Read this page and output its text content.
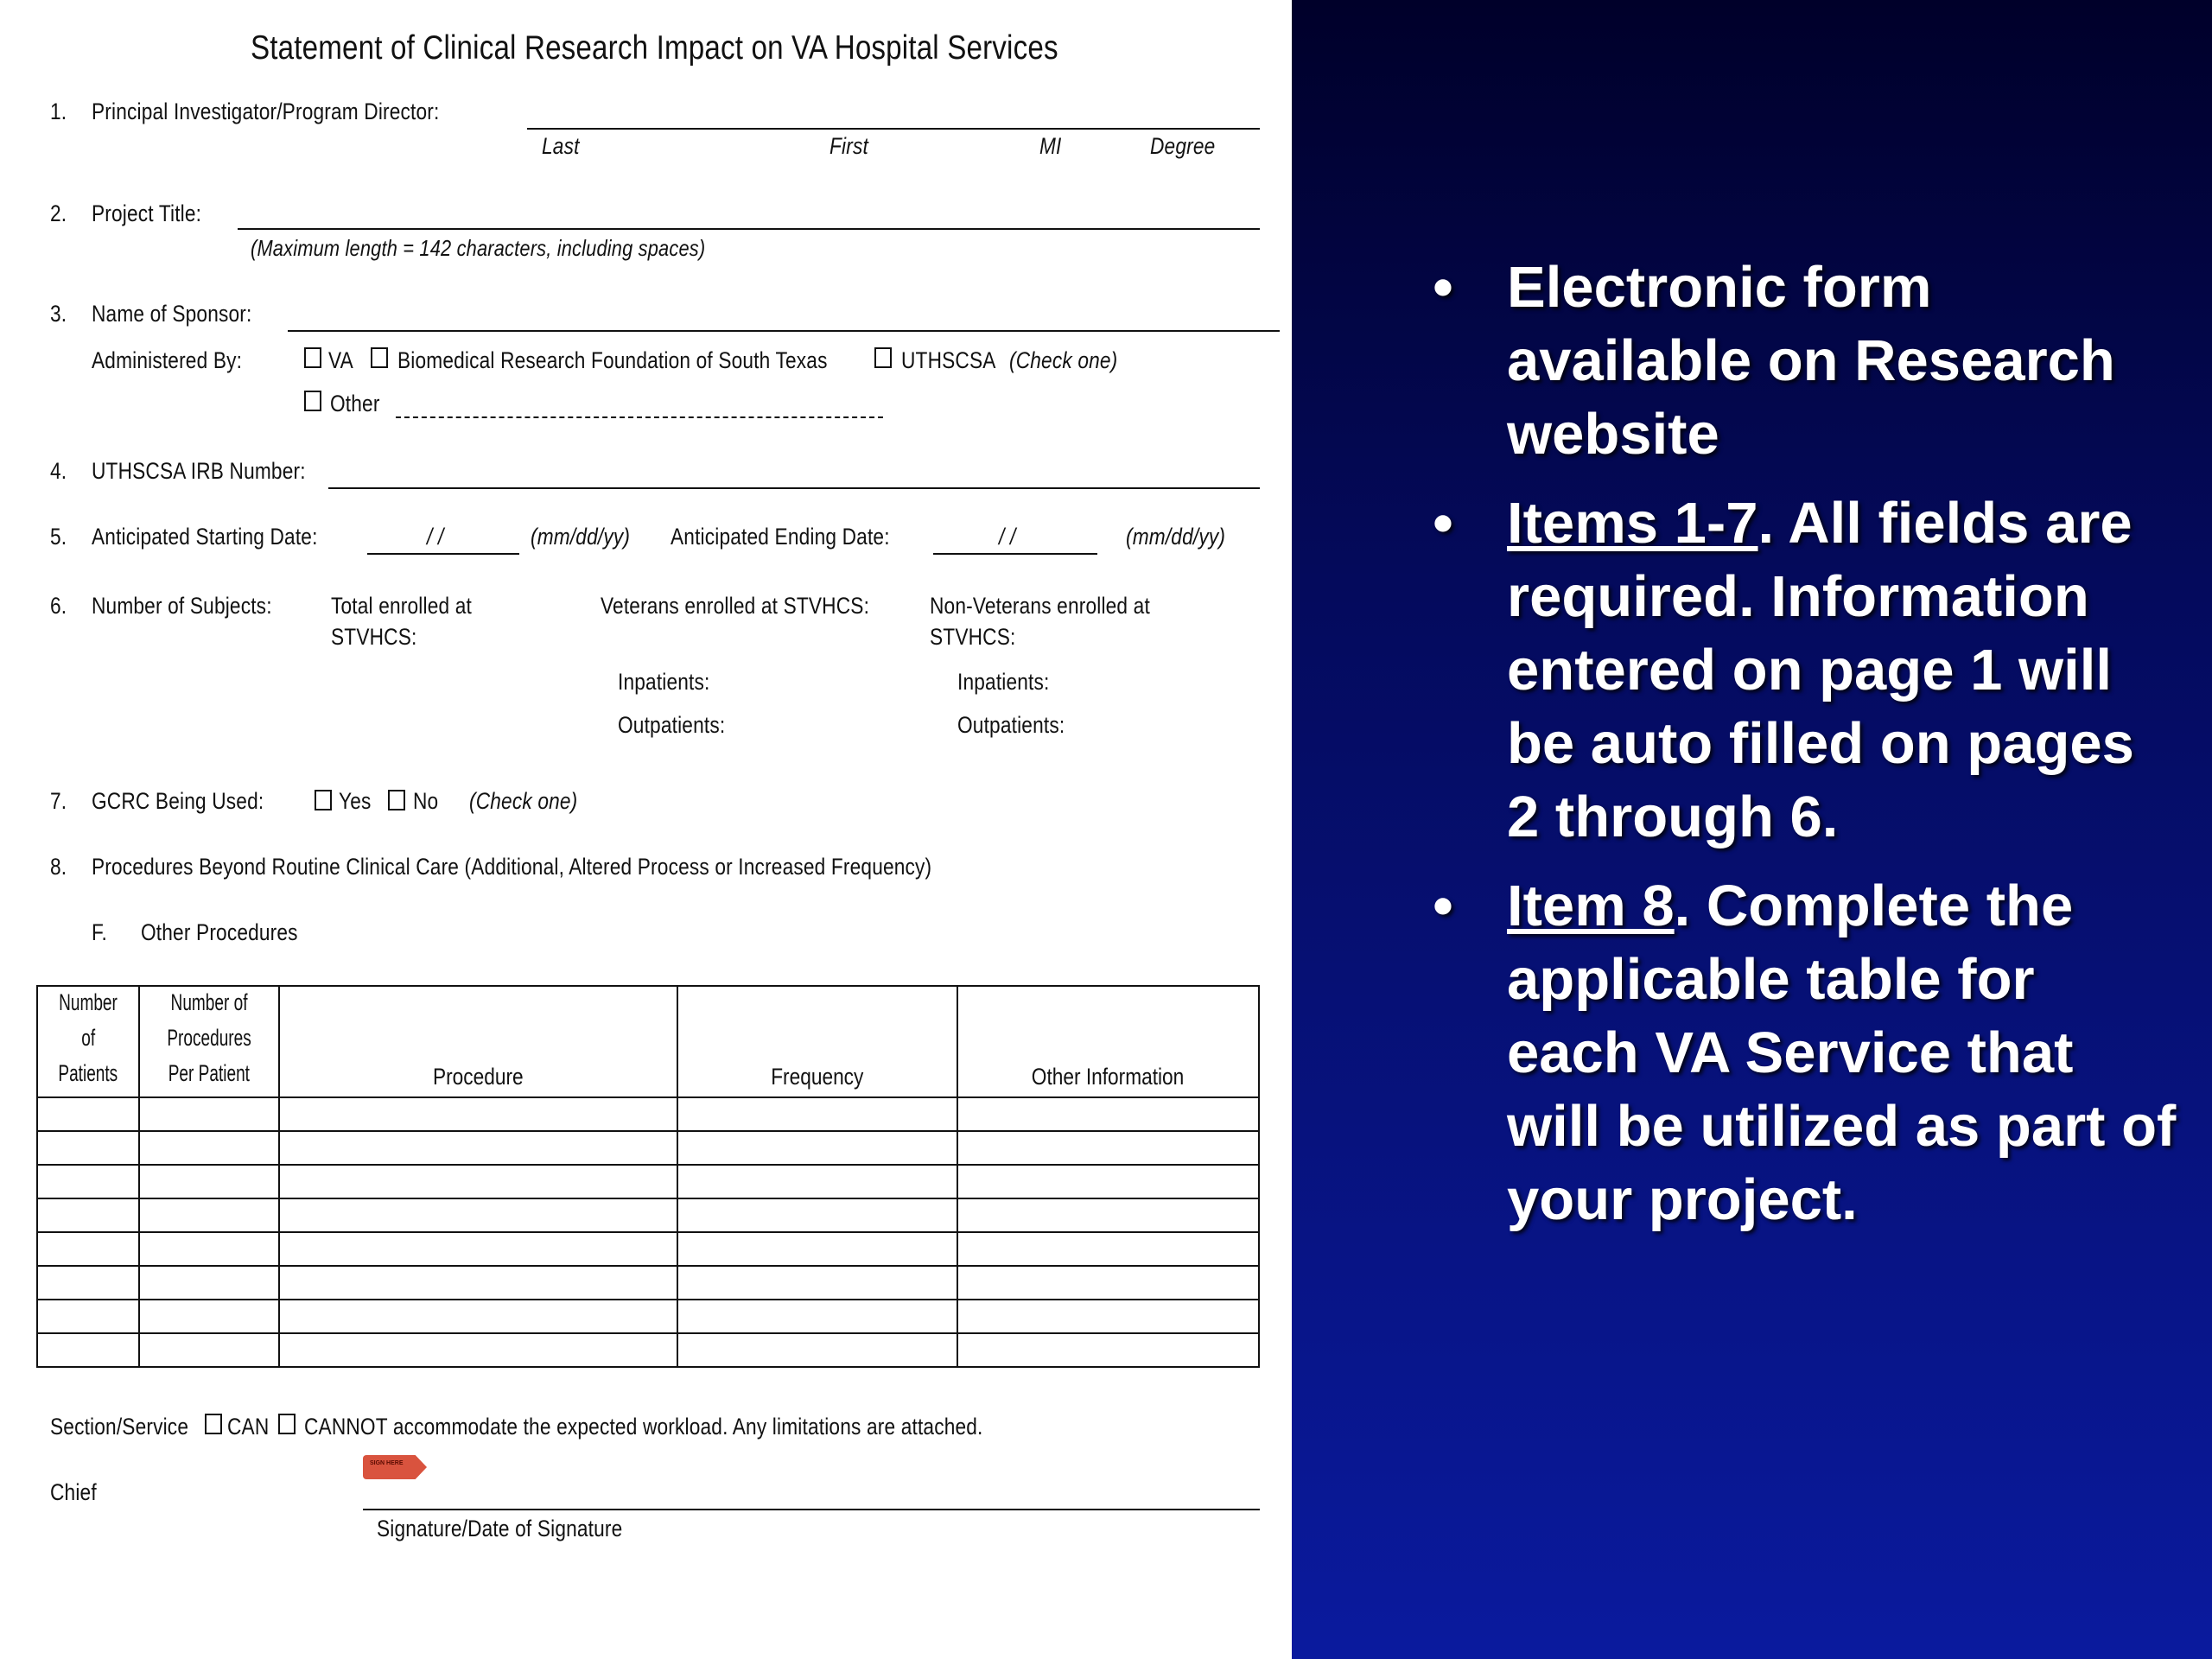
Statement of Clinical Research Impact on VA Hospital Services
1. Principal Investigator/Program Director:
Last	First	MI	Degree
2. Project Title:
(Maximum length = 142 characters, including spaces)
3. Name of Sponsor:
Administered By:	VA Biomedical Research Foundation of South Texas	UTHSCSA (Check one)
Other
4. UTHSCSA IRB Number:
5. Anticipated Starting Date:	/ /	(mm/dd/yy) Anticipated Ending Date:	/ /	(mm/dd/yy)
6. Number of Subjects:	Total enrolled at
STVHCS:
Veterans enrolled at STVHCS:	Non-Veterans enrolled at
STVHCS:
Inpatients:	Inpatients:
Outpatients:	Outpatients:
7. GCRC Being Used:	Yes No (Check one)
8. Procedures Beyond Routine Clinical Care (Additional, Altered Process or Increased Frequency)
F. Other Procedures
Number
of
Patients	Number of
Procedures
Per Patient	Procedure	Frequency	Other Information

Section/Service CAN CANNOT accommodate the expected workload. Any limitations are attached.
Chief
SIGN HERE
Signature/Date of Signature
• Electronic form available on Research website
• Items 1-7. All fields are required. Information entered on page 1 will be auto filled on pages 2 through 6.
• Item 8. Complete the applicable table for each VA Service that will be utilized as part of your project.
